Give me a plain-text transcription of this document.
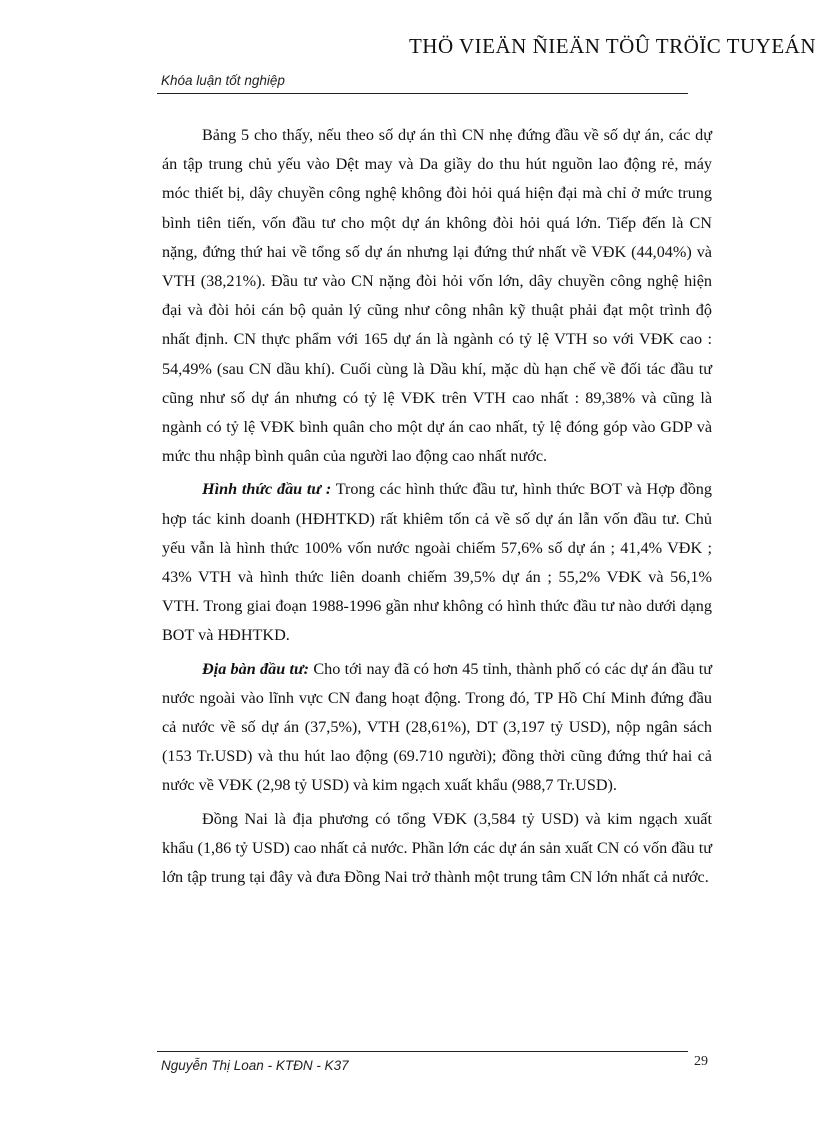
THÖ VIEÄN ÑIEÄN TÖÛ TRÖÏC TUYEÁN
Khóa luận tốt nghiệp

Bảng 5 cho thấy, nếu theo số dự án thì CN nhẹ đứng đầu về số dự án, các dự án tập trung chủ yếu vào Dệt may và Da giầy do thu hút nguồn lao động rẻ, máy móc thiết bị, dây chuyền công nghệ không đòi hỏi quá hiện đại mà chỉ ở mức trung bình tiên tiến, vốn đầu tư cho một dự án không đòi hỏi quá lớn. Tiếp đến là CN nặng, đứng thứ hai về tổng số dự án nhưng lại đứng thứ nhất về VĐK (44,04%) và VTH (38,21%). Đầu tư vào CN nặng đòi hỏi vốn lớn, dây chuyền công nghệ hiện đại và đòi hỏi cán bộ quản lý cũng như công nhân kỹ thuật phải đạt một trình độ nhất định. CN thực phẩm với 165 dự án là ngành có tỷ lệ VTH so với VĐK cao : 54,49% (sau CN dầu khí). Cuối cùng là Dầu khí, mặc dù hạn chế về đối tác đầu tư cũng như số dự án nhưng có tỷ lệ VĐK trên VTH cao nhất : 89,38% và cũng là ngành có tỷ lệ VĐK bình quân cho một dự án cao nhất, tỷ lệ đóng góp vào GDP và mức thu nhập bình quân của người lao động cao nhất nước.

Hình thức đầu tư : Trong các hình thức đầu tư, hình thức BOT và Hợp đồng hợp tác kinh doanh (HĐHTKD) rất khiêm tốn cả về số dự án lẫn vốn đầu tư. Chủ yếu vẫn là hình thức 100% vốn nước ngoài chiếm 57,6% số dự án ; 41,4% VĐK ; 43% VTH và hình thức liên doanh chiếm 39,5% dự án ; 55,2% VĐK và 56,1% VTH. Trong giai đoạn 1988-1996 gần như không có hình thức đầu tư nào dưới dạng BOT và HĐHTKD.

Địa bàn đầu tư: Cho tới nay đã có hơn 45 tỉnh, thành phố có các dự án đầu tư nước ngoài vào lĩnh vực CN đang hoạt động. Trong đó, TP Hồ Chí Minh đứng đầu cả nước về số dự án (37,5%), VTH (28,61%), DT (3,197 tỷ USD), nộp ngân sách (153 Tr.USD) và thu hút lao động (69.710 người); đồng thời cũng đứng thứ hai cả nước về VĐK (2,98 tỷ USD) và kim ngạch xuất khẩu (988,7 Tr.USD).

Đồng Nai là địa phương có tổng VĐK (3,584 tỷ USD) và kim ngạch xuất khẩu (1,86 tỷ USD) cao nhất cả nước. Phần lớn các dự án sản xuất CN có vốn đầu tư lớn tập trung tại đây và đưa Đồng Nai trở thành một trung tâm CN lớn nhất cả nước.

Nguyễn Thị Loan - KTĐN - K37	29
